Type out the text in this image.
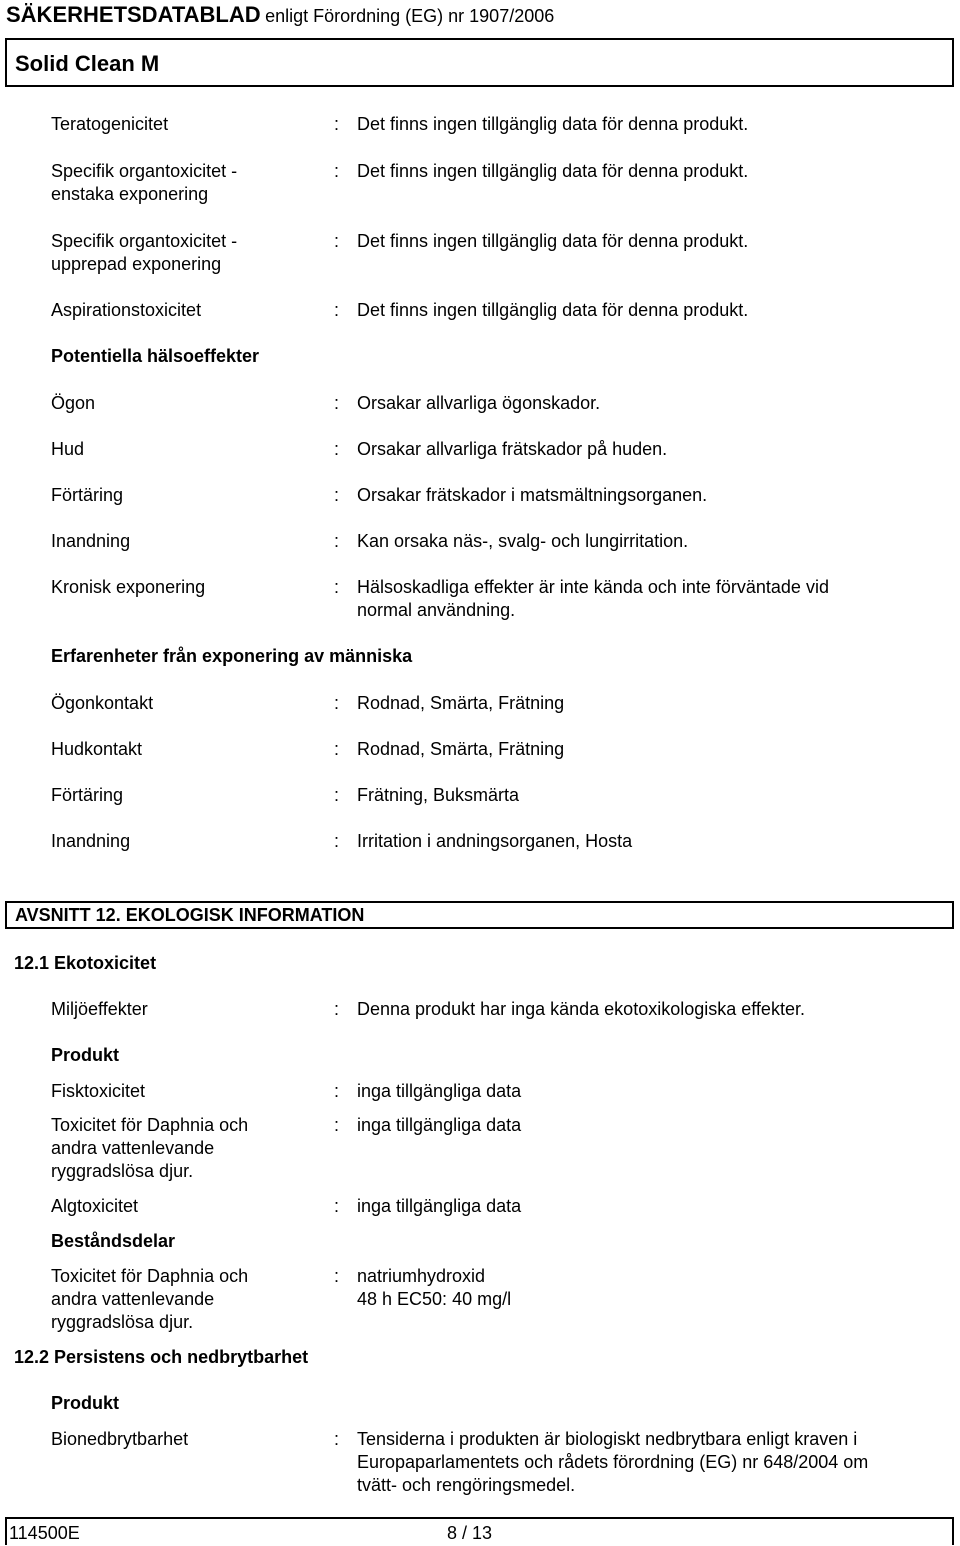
SÄKERHETSDATABLAD enligt Förordning (EG) nr 1907/2006
Solid Clean M
Teratogenicitet	: Det finns ingen tillgänglig data för denna produkt.
Specifik organtoxicitet -
enstaka exponering
: Det finns ingen tillgänglig data för denna produkt.
Specifik organtoxicitet -
upprepad exponering
: Det finns ingen tillgänglig data för denna produkt.
Aspirationstoxicitet	: Det finns ingen tillgänglig data för denna produkt.
Potentiella hälsoeffekter
Ögon	: Orsakar allvarliga ögonskador.
Hud	: Orsakar allvarliga frätskador på huden.
Förtäring	: Orsakar frätskador i matsmältningsorganen.
Inandning	: Kan orsaka näs-, svalg- och lungirritation.
Kronisk exponering	: Hälsoskadliga effekter är inte kända och inte förväntade vid
normal användning.
Erfarenheter från exponering av människa
Ögonkontakt	: Rodnad, Smärta, Frätning
Hudkontakt	: Rodnad, Smärta, Frätning
Förtäring	: Frätning, Buksmärta
Inandning	: Irritation i andningsorganen, Hosta
AVSNITT 12. EKOLOGISK INFORMATION
12.1 Ekotoxicitet
Miljöeffekter	: Denna produkt har inga kända ekotoxikologiska effekter.
Produkt
Fisktoxicitet	: inga tillgängliga data
Toxicitet för Daphnia och
andra vattenlevande
ryggradslösa djur.
: inga tillgängliga data
Algtoxicitet	: inga tillgängliga data
Beståndsdelar
Toxicitet för Daphnia och
andra vattenlevande
ryggradslösa djur.
: natriumhydroxid
48 h EC50: 40 mg/l
12.2 Persistens och nedbrytbarhet
Produkt
Bionedbrytbarhet	: Tensiderna i produkten är biologiskt nedbrytbara enligt kraven i
Europaparlamentets och rådets förordning (EG) nr 648/2004 om
tvätt- och rengöringsmedel.
114500E	8 / 13
